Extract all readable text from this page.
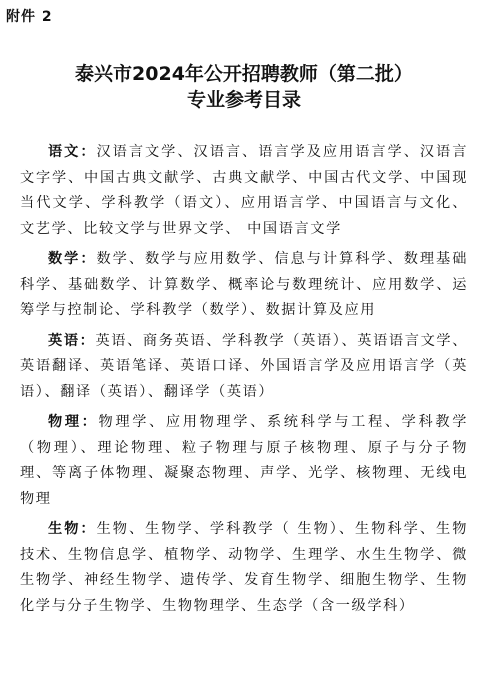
附件 2
泰兴市2024年公开招聘教师（第二批）
专业参考目录

语文：汉语言文学、汉语言、语言学及应用语言学、汉语言 文字学、中国古典文献学、古典文献学、中国古代文学、中国现当代文学、学科教学（语文）、应用语言学、中国语言与文化、文艺学、比较文学与世界文学、 中国语言文学

数学：数学、数学与应用数学、信息与计算科学、数理基础科学、基础数学、计算数学、概率论与数理统计、应用数学、运筹学与控制论、学科教学（数学）、数据计算及应用

英语：英语、商务英语、学科教学（英语）、英语语言文学、英语翻译、英语笔译、英语口译、外国语言学及应用语言学（英语）、翻译（英语）、翻译学（英语）

物理：物理学、应用物理学、系统科学与工程、学科教学（物理）、理论物理、粒子物理与原子核物理、原子与分子物理、等离子体物理、凝聚态物理、声学、光学、核物理、无线电物理

生物：生物、生物学、学科教学（ 生物）、生物科学、生物技术、生物信息学、植物学、动物学、生理学、水生生物学、微生物学、神经生物学、遗传学、发育生物学、细胞生物学、生物化学与分子生物学、生物物理学、生态学（含一级学科）
